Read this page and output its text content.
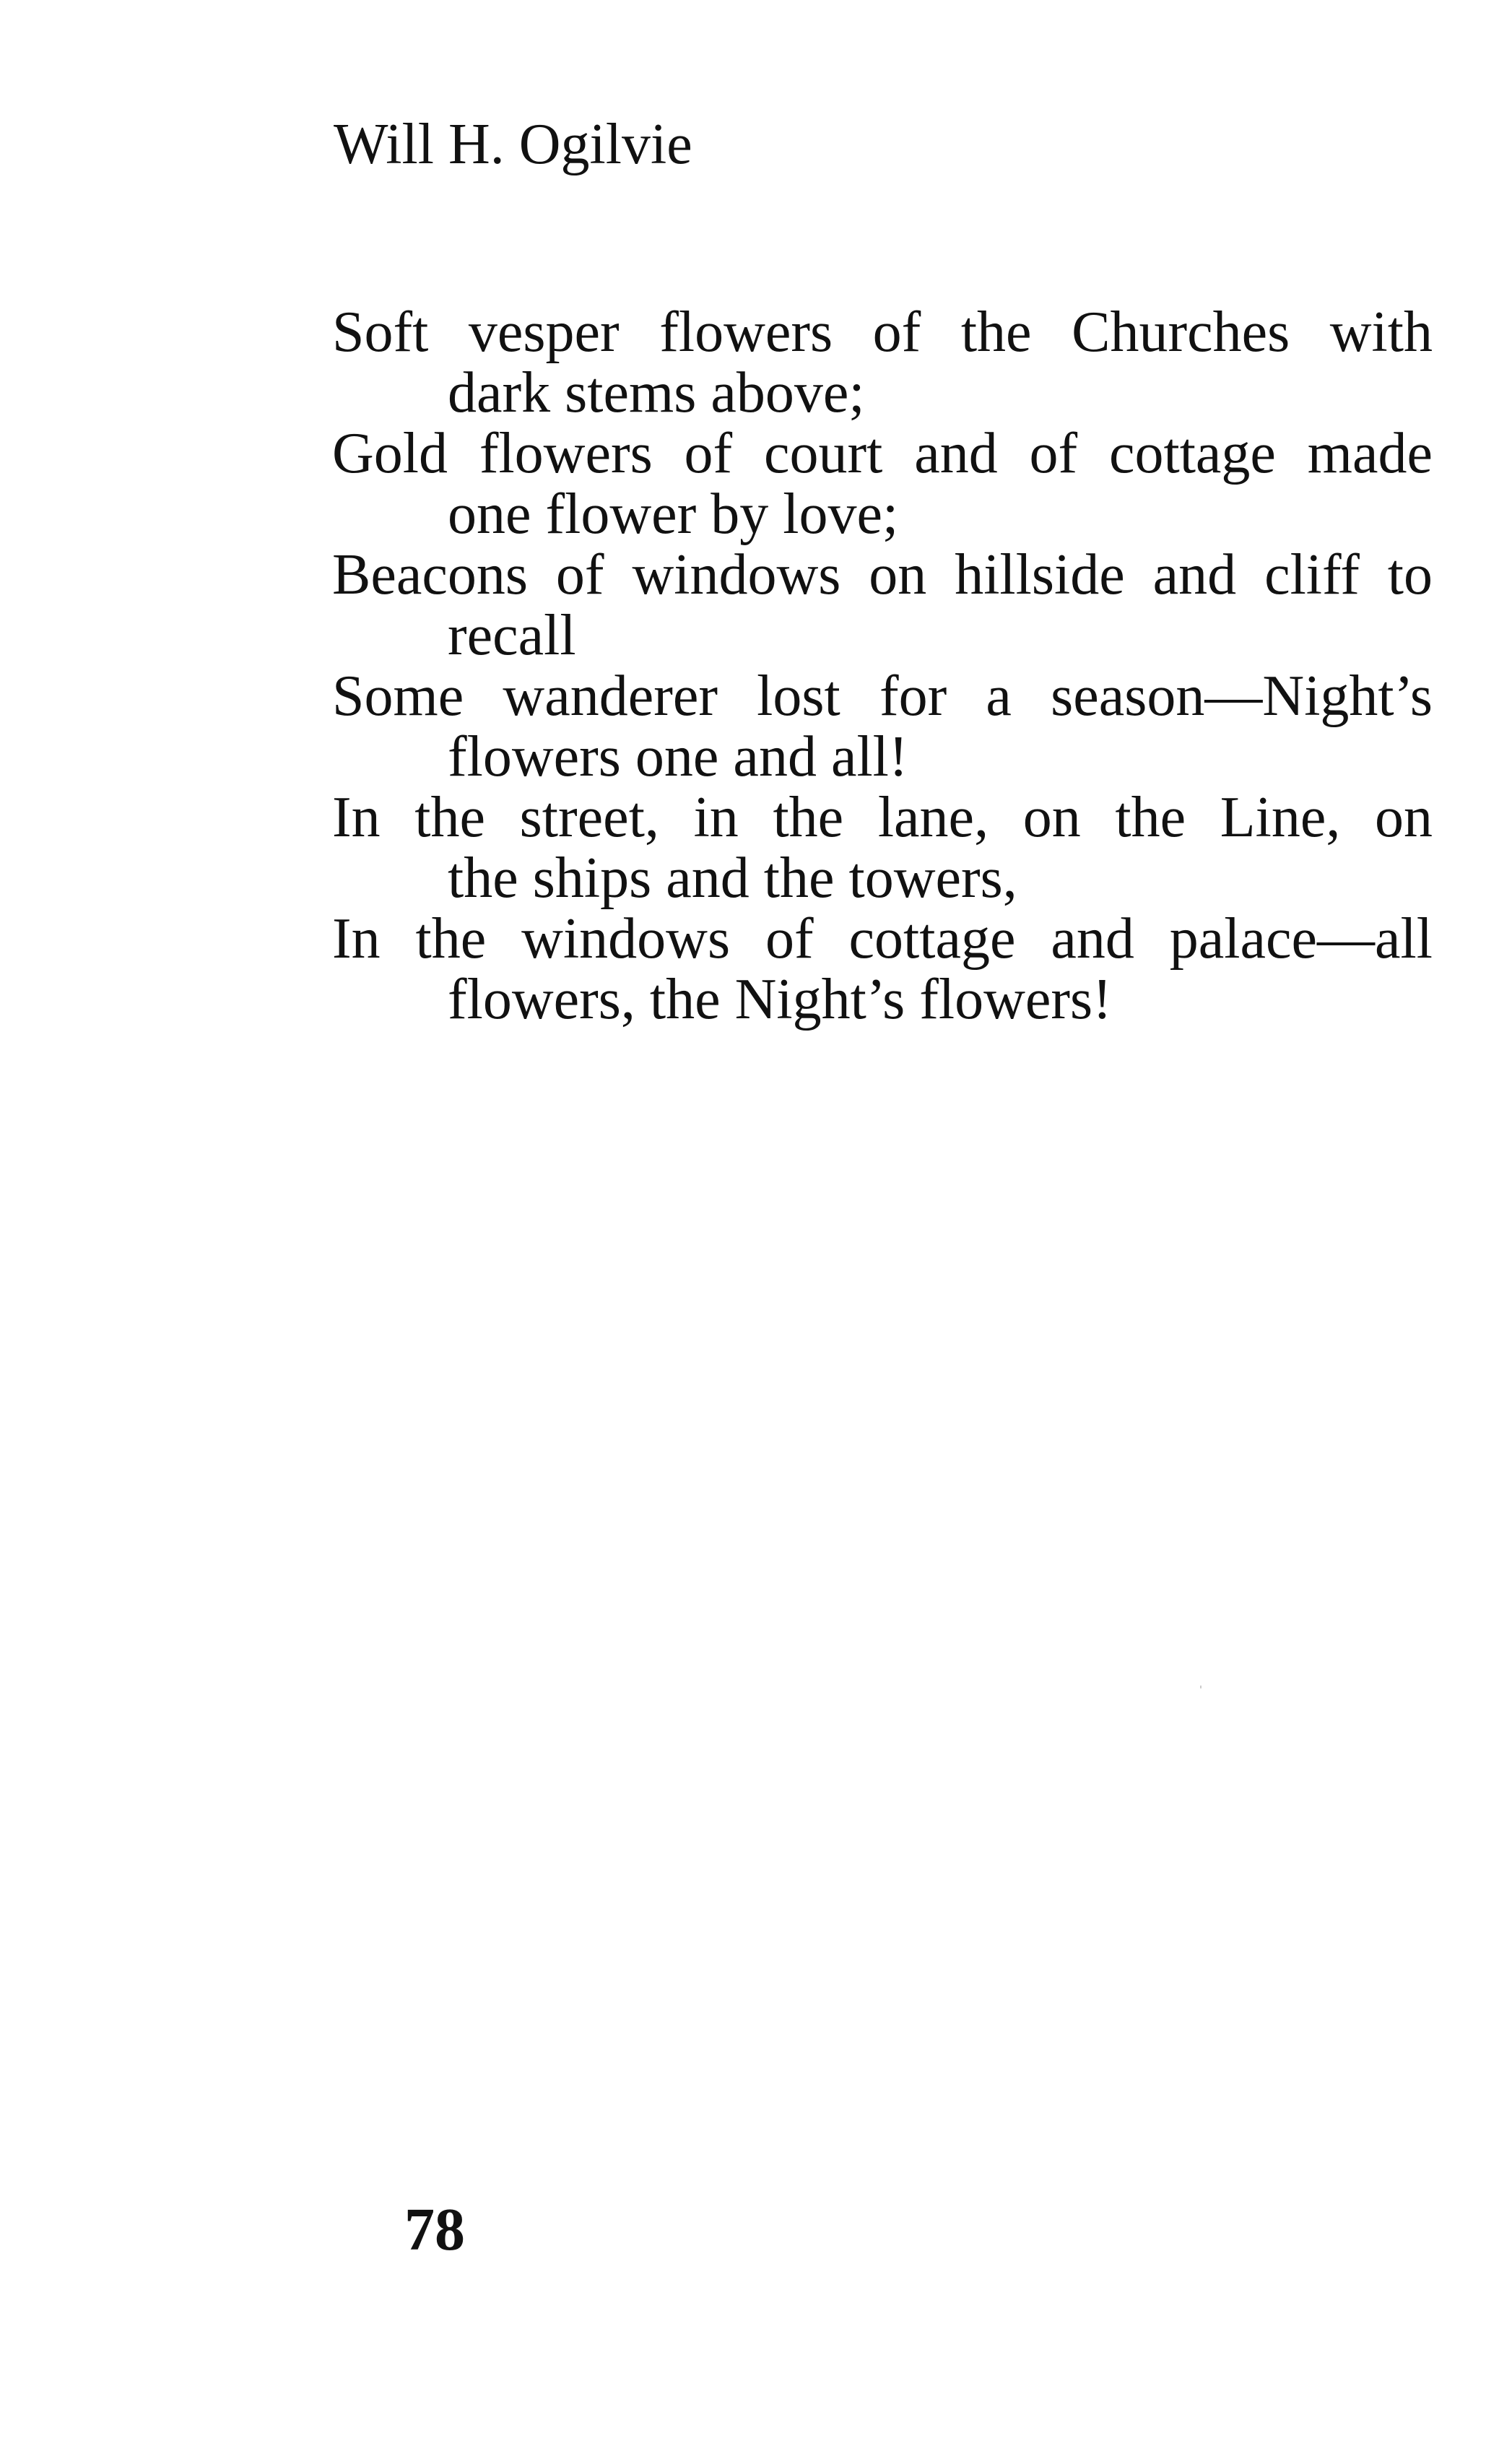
Will H. Ogilvie

Soft vesper flowers of the Churches with
dark stems above;

Gold flowers of court and of cottage made
one flower by love;

Beacons of windows on hillside and cliff to
recall

Some wanderer lost for a season—Night’s
flowers one and all!

In the street, in the lane, on the Line, on
the ships and the towers,

In the windows of cottage and palace—all
flowers, the Night’s flowers!

78
